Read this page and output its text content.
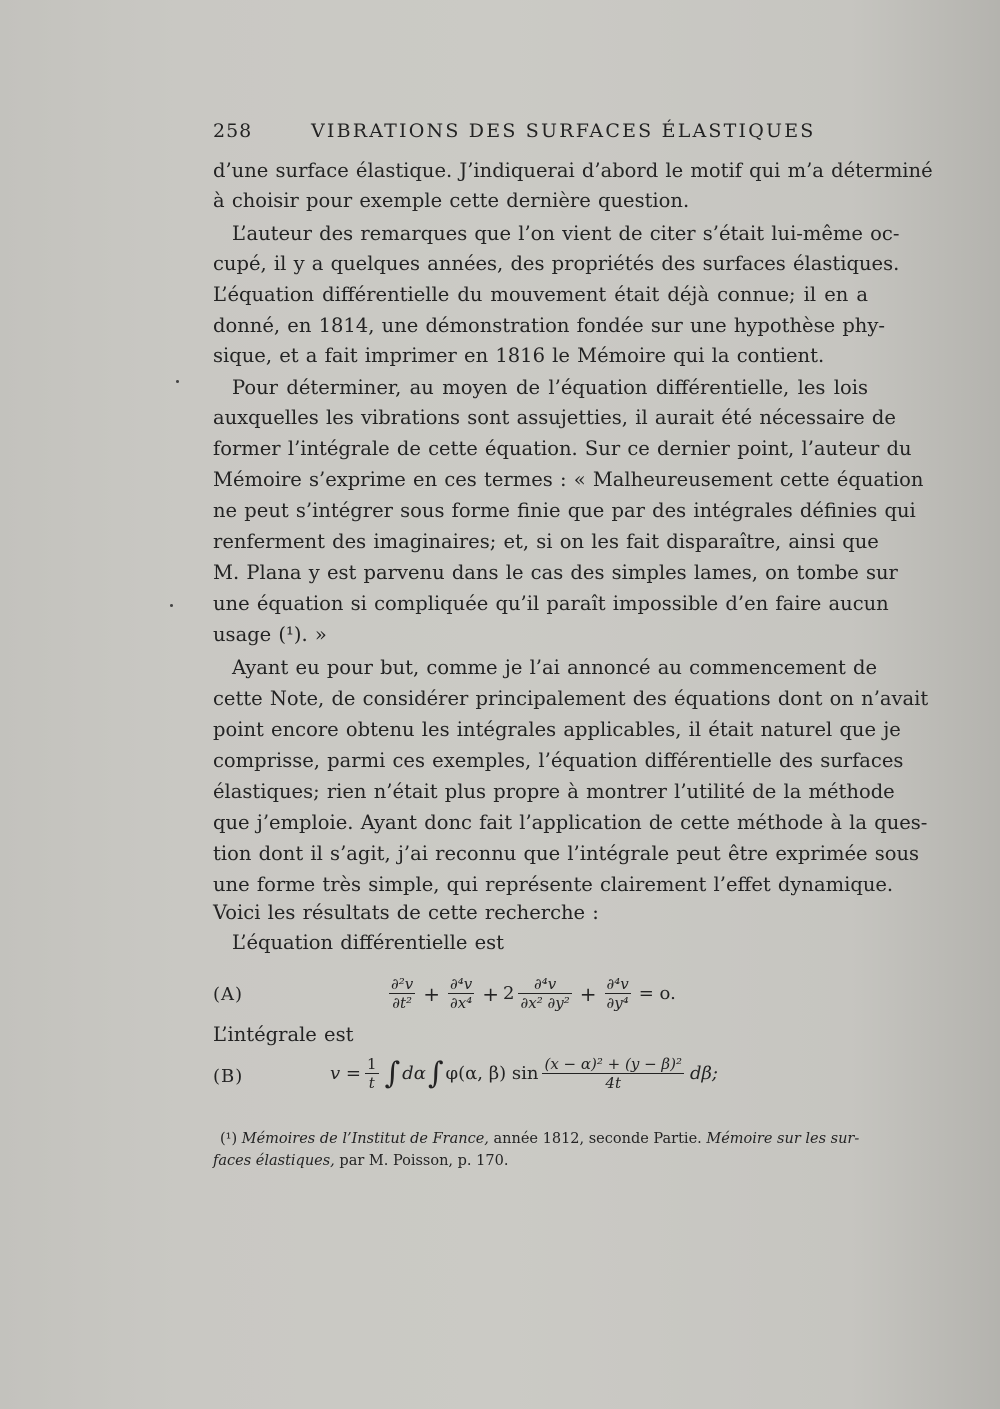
258	VIBRATIONS DES SURFACES ÉLASTIQUES
d’une surface élastique. J’indiquerai d’abord le motif qui m’a déterminé
à choisir pour exemple cette dernière question.
L’auteur des remarques que l’on vient de citer s’était lui-même oc-
cupé, il y a quelques années, des propriétés des surfaces élastiques.
L’équation différentielle du mouvement était déjà connue; il en a
donné, en 1814, une démonstration fondée sur une hypothèse phy-
sique, et a fait imprimer en 1816 le Mémoire qui la contient.
Pour déterminer, au moyen de l’équation différentielle, les lois
auxquelles les vibrations sont assujetties, il aurait été nécessaire de
former l’intégrale de cette équation. Sur ce dernier point, l’auteur du
Mémoire s’exprime en ces termes : « Malheureusement cette équation
ne peut s’intégrer sous forme finie que par des intégrales définies qui
renferment des imaginaires; et, si on les fait disparaître, ainsi que
M. Plana y est parvenu dans le cas des simples lames, on tombe sur
une équation si compliquée qu’il paraît impossible d’en faire aucun
usage (¹). »
Ayant eu pour but, comme je l’ai annoncé au commencement de
cette Note, de considérer principalement des équations dont on n’avait
point encore obtenu les intégrales applicables, il était naturel que je
comprisse, parmi ces exemples, l’équation différentielle des surfaces
élastiques; rien n’était plus propre à montrer l’utilité de la méthode
que j’emploie. Ayant donc fait l’application de cette méthode à la ques-
tion dont il s’agit, j’ai reconnu que l’intégrale peut être exprimée sous
une forme très simple, qui représente clairement l’effet dynamique.
Voici les résultats de cette recherche :
L’équation différentielle est
(A)	$\frac{\text{∂²v}}{\text{∂t²}} + \frac{\text{∂⁴v}}{\text{∂x⁴}} + 2 \frac{\text{∂⁴v}}{\text{∂x² ∂y²}} + \frac{\text{∂⁴v}}{\text{∂y⁴}} = o$.
L’intégrale est
(B)	$v = \frac{1}{t}$ ∫ dα ∫ φ(α, β) $\sin \frac{\text{(x − α)² + (y − β)²}}{4t} d\beta$;
(¹) Mémoires de l’Institut de France, année 1812, seconde Partie. Mémoire sur les sur-
faces élastiques, par M. Poisson, p. 170.
